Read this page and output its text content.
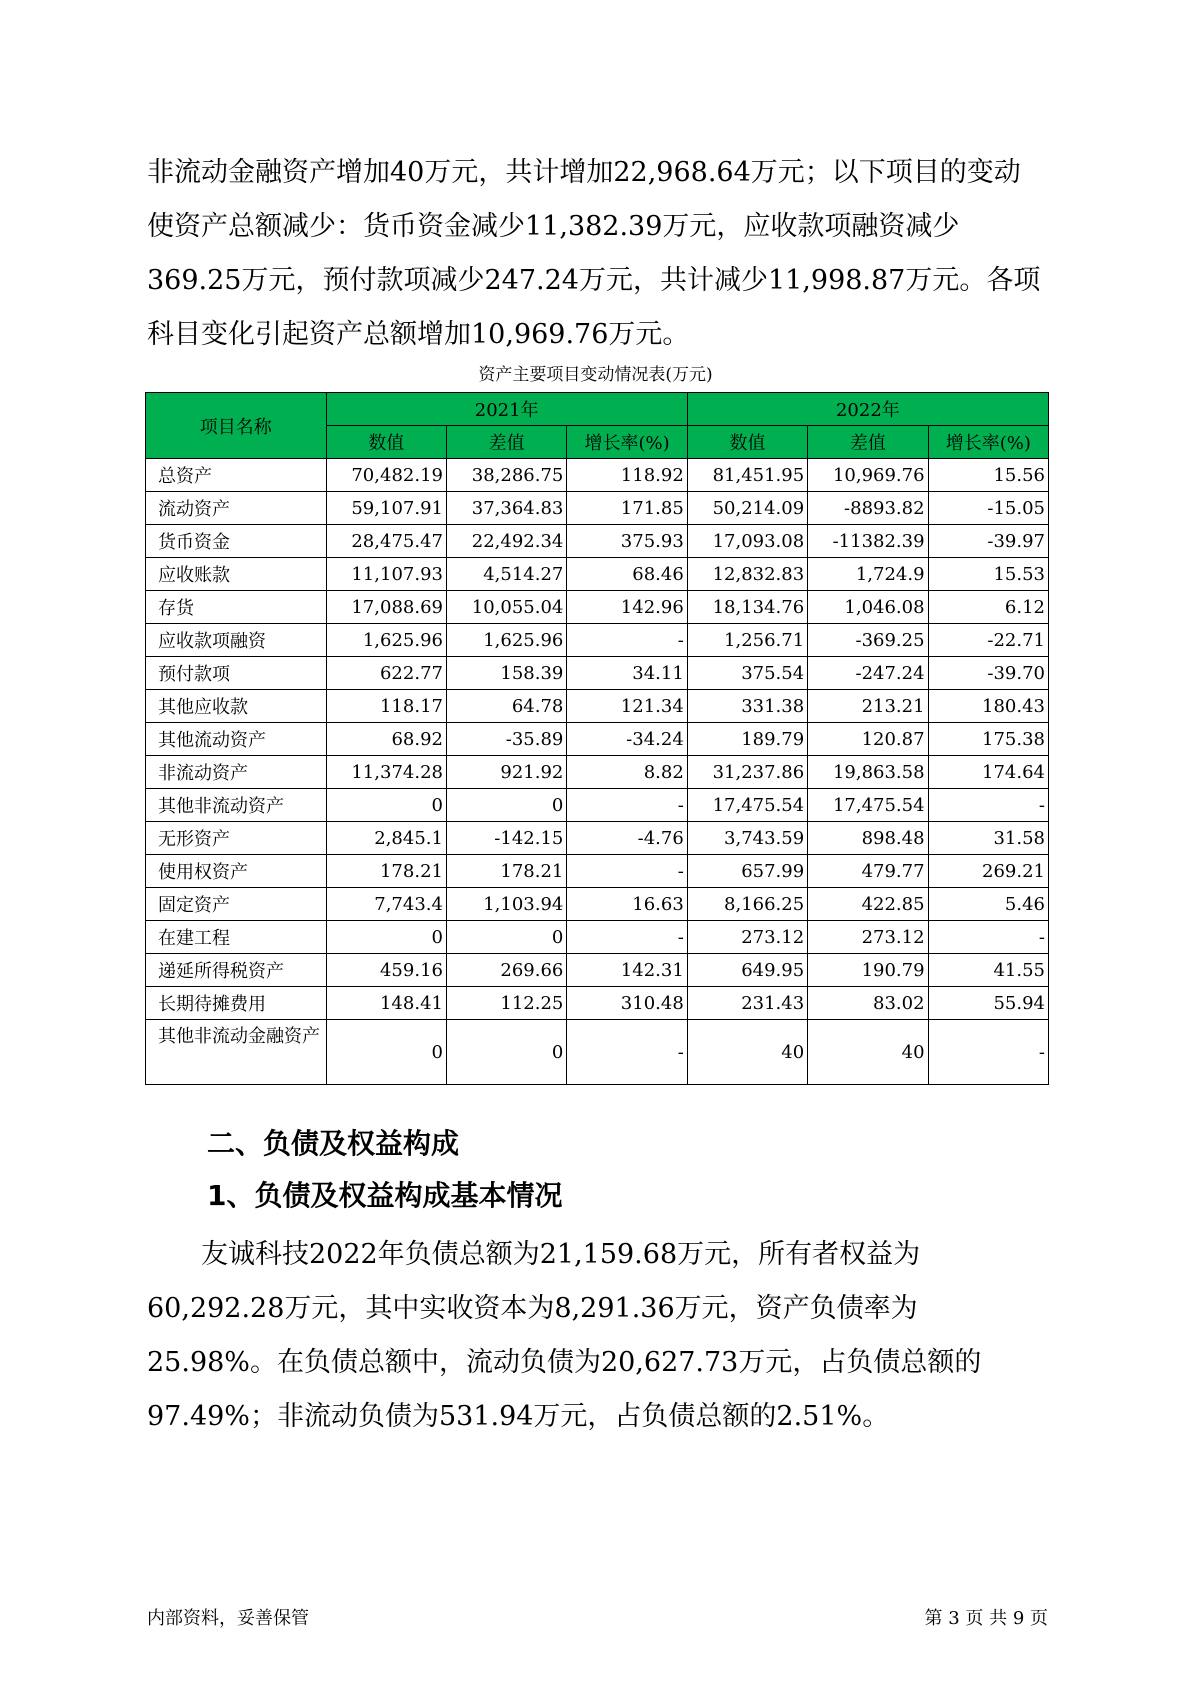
非流动金融资产增加40万元，共计增加22,968.64万元；以下项目的变动使资产总额减少：货币资金减少11,382.39万元，应收款项融资减少369.25万元，预付款项减少247.24万元，共计减少11,998.87万元。各项科目变化引起资产总额增加10,969.76万元。

资产主要项目变动情况表(万元)
项目名称	2021年			2022年		
	数值	差值	增长率(%)	数值	差值	增长率(%)
总资产	70,482.19	38,286.75	118.92	81,451.95	10,969.76	15.56
流动资产	59,107.91	37,364.83	171.85	50,214.09	-8893.82	-15.05
货币资金	28,475.47	22,492.34	375.93	17,093.08	-11382.39	-39.97
应收账款	11,107.93	4,514.27	68.46	12,832.83	1,724.9	15.53
存货	17,088.69	10,055.04	142.96	18,134.76	1,046.08	6.12
应收款项融资	1,625.96	1,625.96	-	1,256.71	-369.25	-22.71
预付款项	622.77	158.39	34.11	375.54	-247.24	-39.70
其他应收款	118.17	64.78	121.34	331.38	213.21	180.43
其他流动资产	68.92	-35.89	-34.24	189.79	120.87	175.38
非流动资产	11,374.28	921.92	8.82	31,237.86	19,863.58	174.64
其他非流动资产	0	0	-	17,475.54	17,475.54	-
无形资产	2,845.1	-142.15	-4.76	3,743.59	898.48	31.58
使用权资产	178.21	178.21	-	657.99	479.77	269.21
固定资产	7,743.4	1,103.94	16.63	8,166.25	422.85	5.46
在建工程	0	0	-	273.12	273.12	-
递延所得税资产	459.16	269.66	142.31	649.95	190.79	41.55
长期待摊费用	148.41	112.25	310.48	231.43	83.02	55.94
其他非流动金融资产	0	0	-	40	40	-
二、负债及权益构成
1、负债及权益构成基本情况

友诚科技2022年负债总额为21,159.68万元，所有者权益为60,292.28万元，其中实收资本为8,291.36万元，资产负债率为25.98%。在负债总额中，流动负债为20,627.73万元，占负债总额的97.49%；非流动负债为531.94万元，占负债总额的2.51%。

内部资料，妥善保管	第 3 页 共 9 页
